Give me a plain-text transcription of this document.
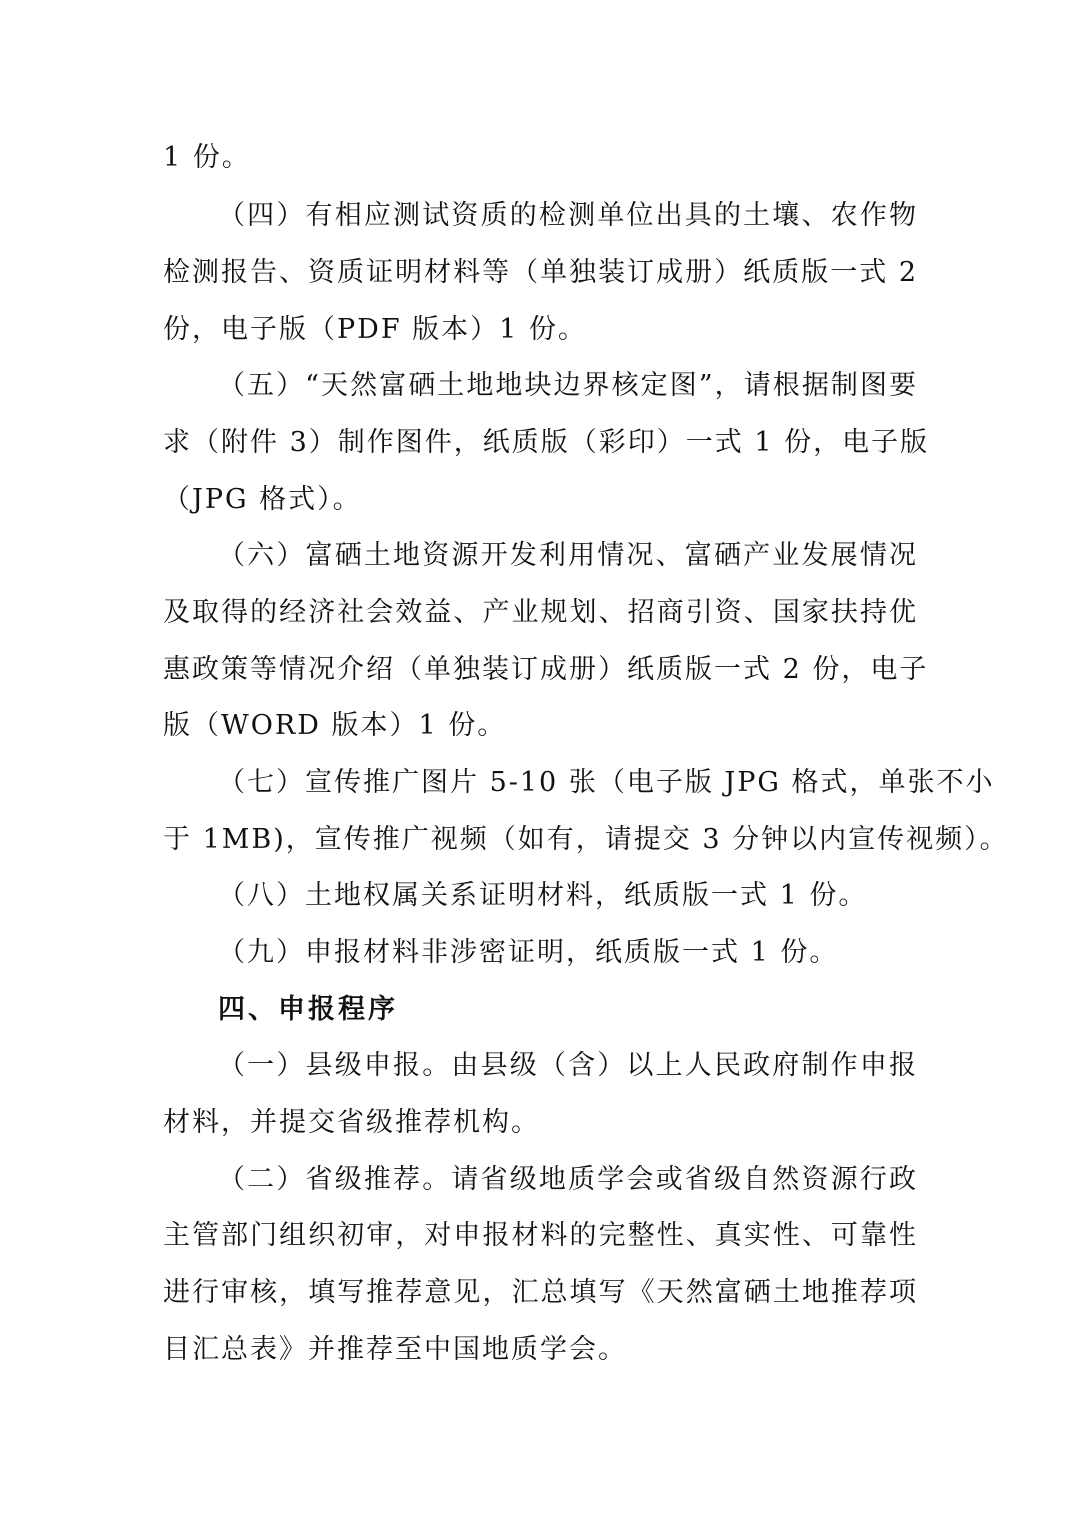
1 份。
（四）有相应测试资质的检测单位出具的土壤、农作物
检测报告、资质证明材料等（单独装订成册）纸质版一式 2
份，电子版（PDF 版本）1 份。
（五）“天然富硒土地地块边界核定图”，请根据制图要
求（附件 3）制作图件，纸质版（彩印）一式 1 份，电子版
（JPG 格式）。
（六）富硒土地资源开发利用情况、富硒产业发展情况
及取得的经济社会效益、产业规划、招商引资、国家扶持优
惠政策等情况介绍（单独装订成册）纸质版一式 2 份，电子
版（WORD 版本）1 份。
（七）宣传推广图片 5-10 张（电子版 JPG 格式，单张不小
于 1MB)，宣传推广视频（如有，请提交 3 分钟以内宣传视频）。
（八）土地权属关系证明材料，纸质版一式 1 份。
（九）申报材料非涉密证明，纸质版一式 1 份。
四、申报程序
（一）县级申报。由县级（含）以上人民政府制作申报
材料，并提交省级推荐机构。
（二）省级推荐。请省级地质学会或省级自然资源行政
主管部门组织初审，对申报材料的完整性、真实性、可靠性
进行审核，填写推荐意见，汇总填写《天然富硒土地推荐项
目汇总表》并推荐至中国地质学会。
